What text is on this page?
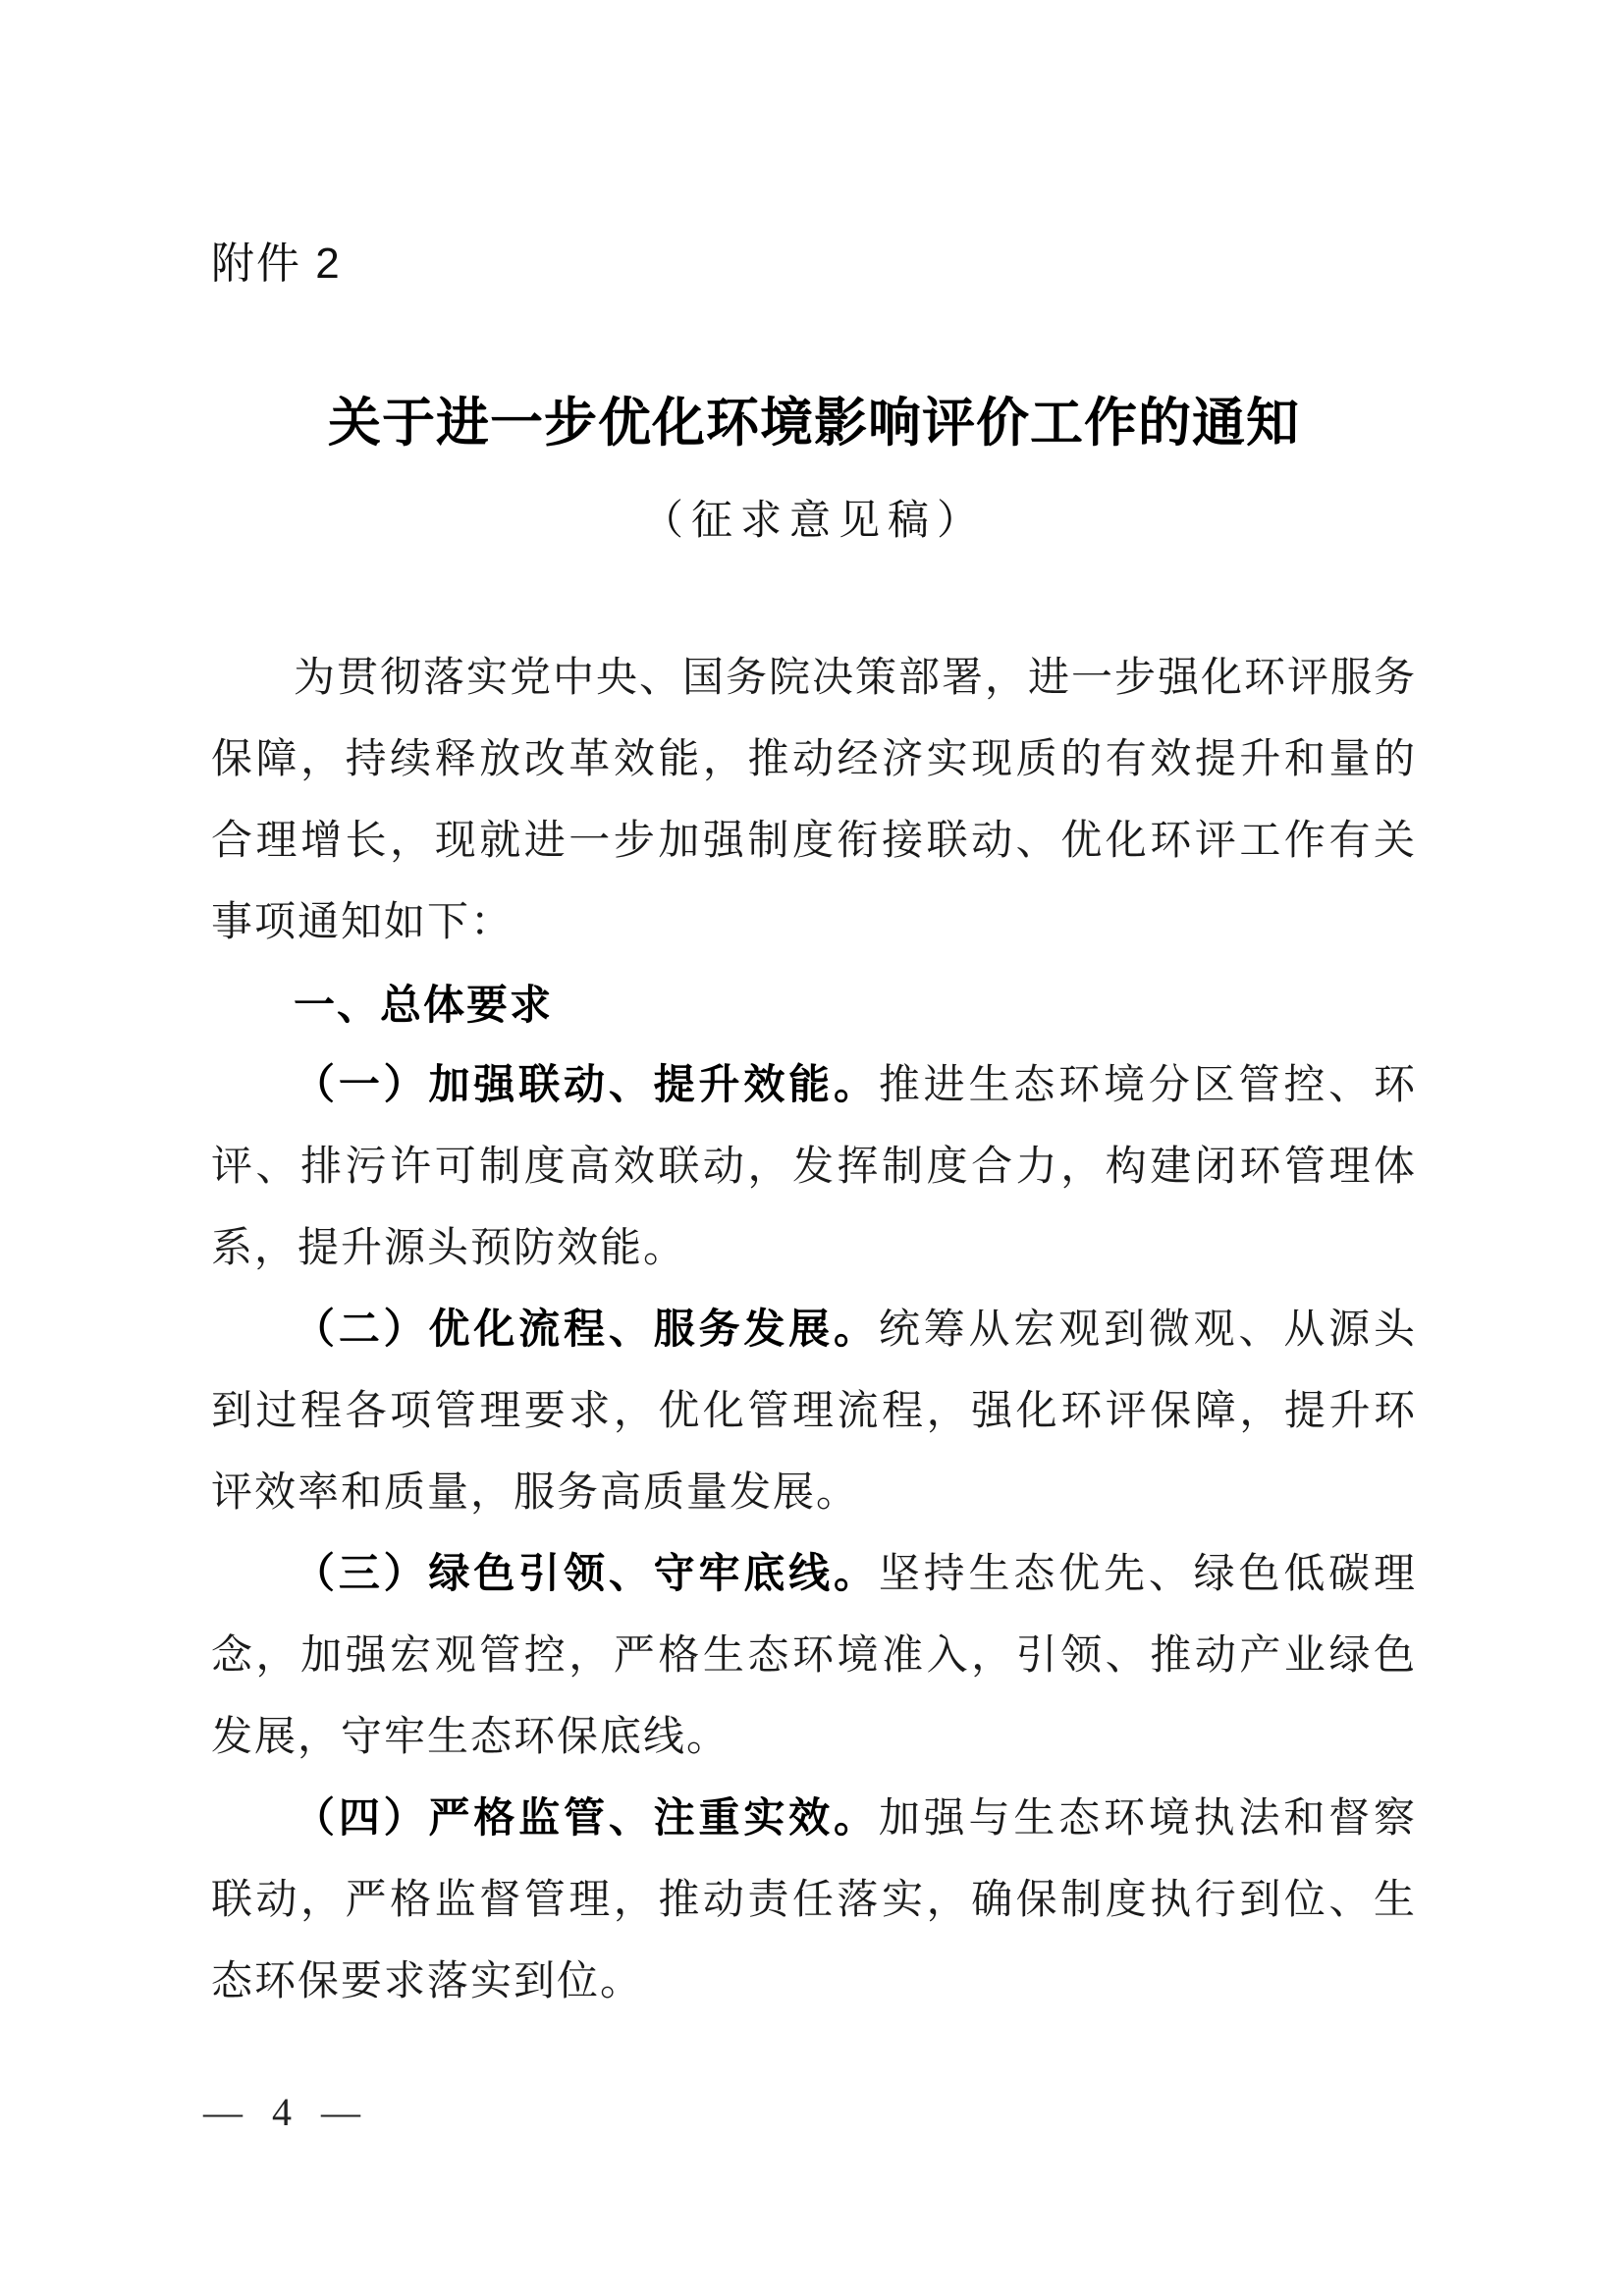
附件 2
关于进一步优化环境影响评价工作的通知
（征求意见稿）

为贯彻落实党中央、国务院决策部署，进一步强化环评服务保障，持续释放改革效能，推动经济实现质的有效提升和量的合理增长，现就进一步加强制度衔接联动、优化环评工作有关事项通知如下：

一、总体要求

（一）加强联动、提升效能。推进生态环境分区管控、环评、排污许可制度高效联动，发挥制度合力，构建闭环管理体系，提升源头预防效能。

（二）优化流程、服务发展。统筹从宏观到微观、从源头到过程各项管理要求，优化管理流程，强化环评保障，提升环评效率和质量，服务高质量发展。

（三）绿色引领、守牢底线。坚持生态优先、绿色低碳理念，加强宏观管控，严格生态环境准入，引领、推动产业绿色发展，守牢生态环保底线。

（四）严格监管、注重实效。加强与生态环境执法和督察联动，严格监督管理，推动责任落实，确保制度执行到位、生态环保要求落实到位。

— 4 —
